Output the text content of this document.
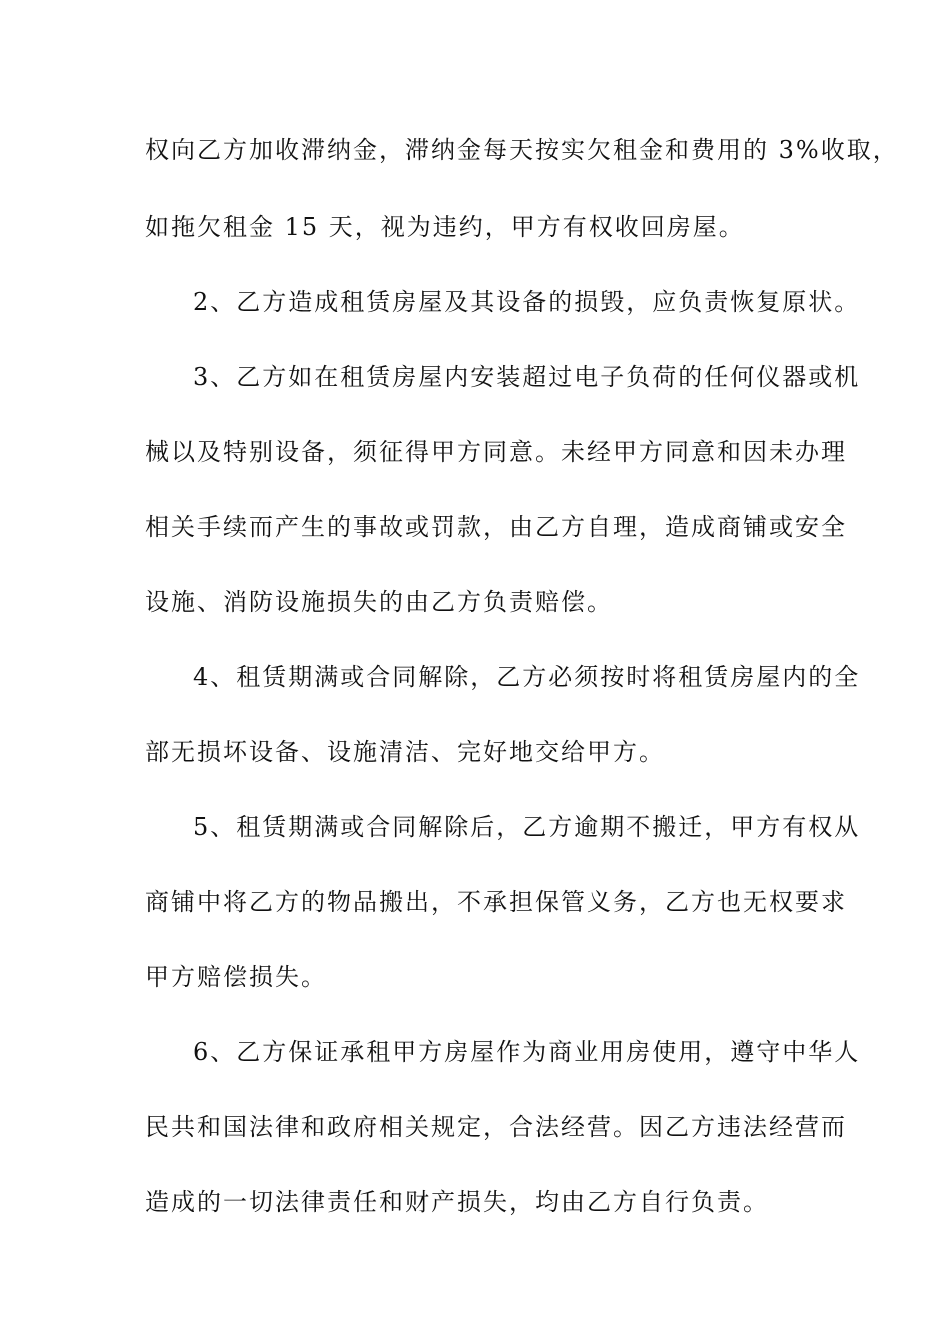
权向乙方加收滞纳金，滞纳金每天按实欠租金和费用的 3%收取，
如拖欠租金 15 天，视为违约，甲方有权收回房屋。
2、乙方造成租赁房屋及其设备的损毁，应负责恢复原状。
3、乙方如在租赁房屋内安装超过电子负荷的任何仪器或机
械以及特别设备，须征得甲方同意。未经甲方同意和因未办理
相关手续而产生的事故或罚款，由乙方自理，造成商铺或安全
设施、消防设施损失的由乙方负责赔偿。
4、租赁期满或合同解除，乙方必须按时将租赁房屋内的全
部无损坏设备、设施清洁、完好地交给甲方。
5、租赁期满或合同解除后，乙方逾期不搬迁，甲方有权从
商铺中将乙方的物品搬出，不承担保管义务，乙方也无权要求
甲方赔偿损失。
6、乙方保证承租甲方房屋作为商业用房使用，遵守中华人
民共和国法律和政府相关规定，合法经营。因乙方违法经营而
造成的一切法律责任和财产损失，均由乙方自行负责。
